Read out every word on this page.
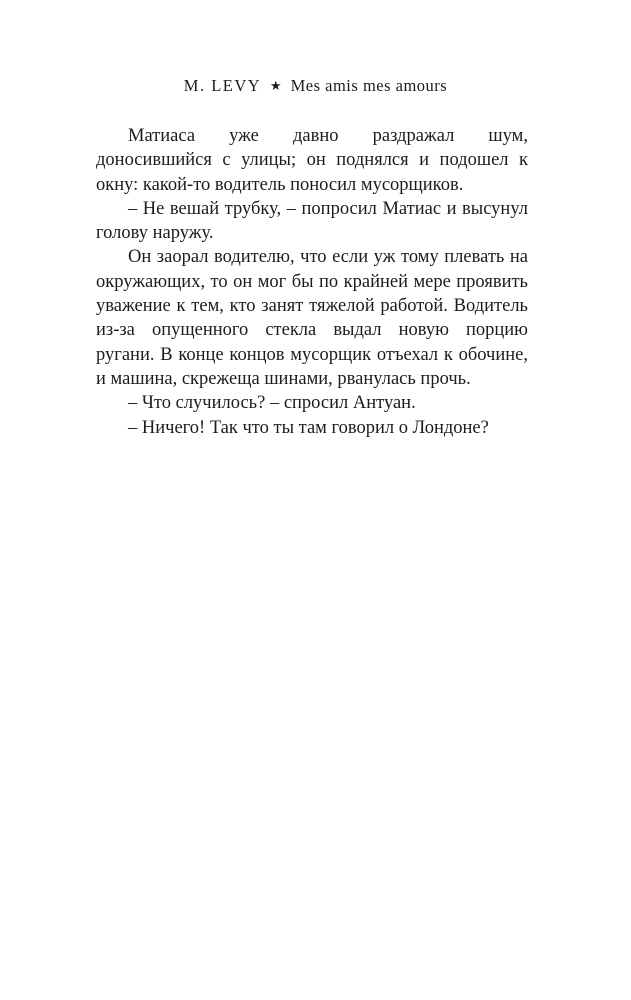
M. LEVY ★ Mes amis mes amours

Матиаса уже давно раздражал шум, доносившийся с улицы; он поднялся и подошел к окну: какой-то водитель поносил мусорщиков.

– Не вешай трубку, – попросил Матиас и высунул голову наружу.

Он заорал водителю, что если уж тому плевать на окружающих, то он мог бы по крайней мере проявить уважение к тем, кто занят тяжелой работой. Водитель из-за опущенного стекла выдал новую порцию ругани. В конце концов мусорщик отъехал к обочине, и машина, скрежеща шинами, рванулась прочь.

– Что случилось? – спросил Антуан.

– Ничего! Так что ты там говорил о Лондоне?
